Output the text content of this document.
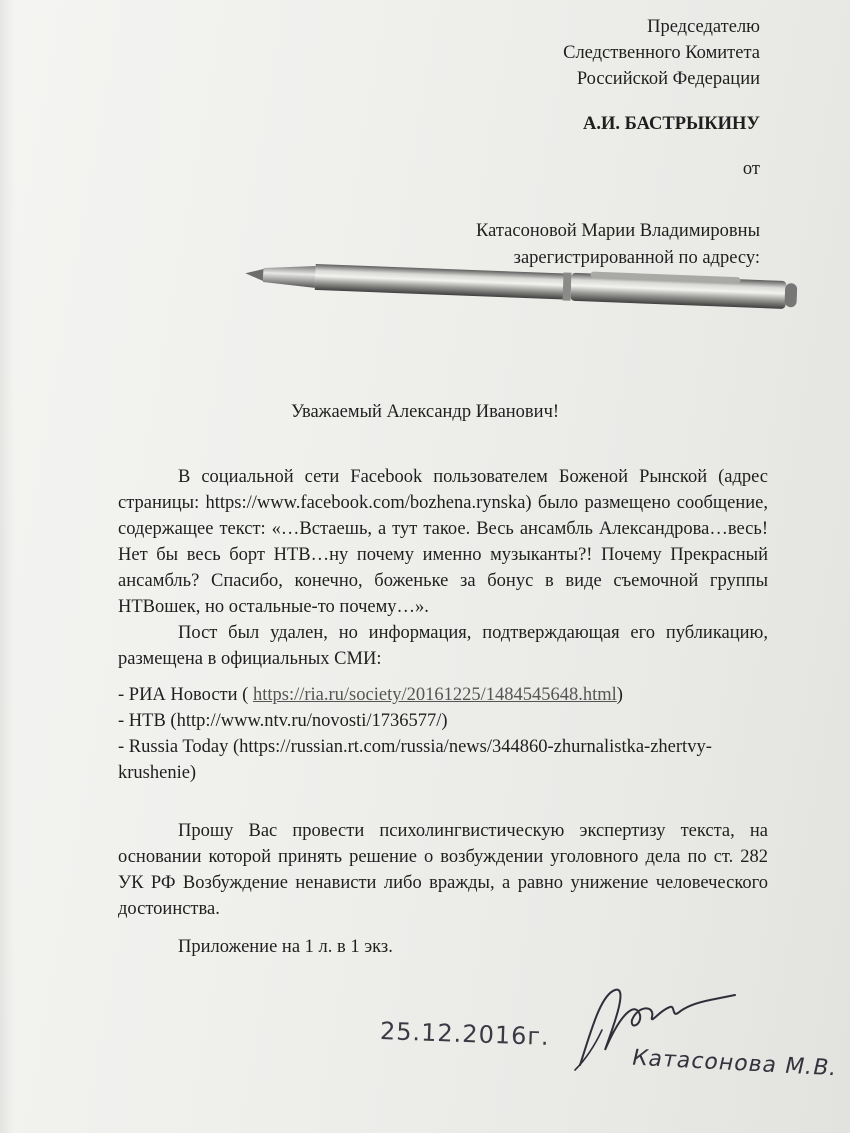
Председателю
Следственного Комитета
Российской Федерации
А.И. БАСТРЫКИНУ
от
Катасоновой Марии Владимировны
зарегистрированной по адресу:
Уважаемый Александр Иванович!
В социальной сети Facebook пользователем Боженой Рынской (адрес страницы: https://www.facebook.com/bozhena.rynska) было размещено сообщение, содержащее текст: «…Встаешь, а тут такое. Весь ансамбль Александрова…весь! Нет бы весь борт НТВ…ну почему именно музыканты?! Почему Прекрасный ансамбль? Спасибо, конечно, боженьке за бонус в виде съемочной группы НТВошек, но остальные-то почему…».
Пост был удален, но информация, подтверждающая его публикацию, размещена в официальных СМИ:
- РИА Новости ( https://ria.ru/society/20161225/1484545648.html)
- НТВ (http://www.ntv.ru/novosti/1736577/)
- Russia Today (https://russian.rt.com/russia/news/344860-zhurnalistka-zhertvy-krushenie)
Прошу Вас провести психолингвистическую экспертизу текста, на основании которой принять решение о возбуждении уголовного дела по ст. 282 УК РФ Возбуждение ненависти либо вражды, а равно унижение человеческого достоинства.
Приложение на 1 л. в 1 экз.
25.12.2016г.
Катасонова М.В.
